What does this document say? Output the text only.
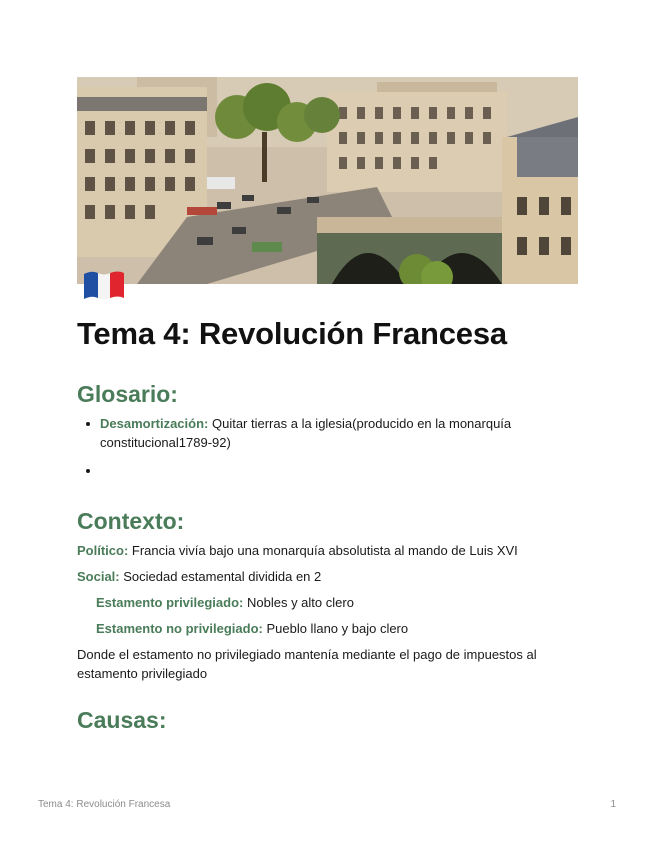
Tema 4: Revolución Francesa
Glosario:
Desamortización: Quitar tierras a la iglesia(producido en la monarquía constitucional1789-92)
Contexto:

Político: Francia vivía bajo una monarquía absolutista al mando de Luis XVI

Social: Sociedad estamental dividida en 2

Estamento privilegiado: Nobles y alto clero

Estamento no privilegiado: Pueblo llano y bajo clero

Donde el estamento no privilegiado mantenía mediante el pago de impuestos al estamento privilegiado

Causas:
Tema 4: Revolución Francesa	1
